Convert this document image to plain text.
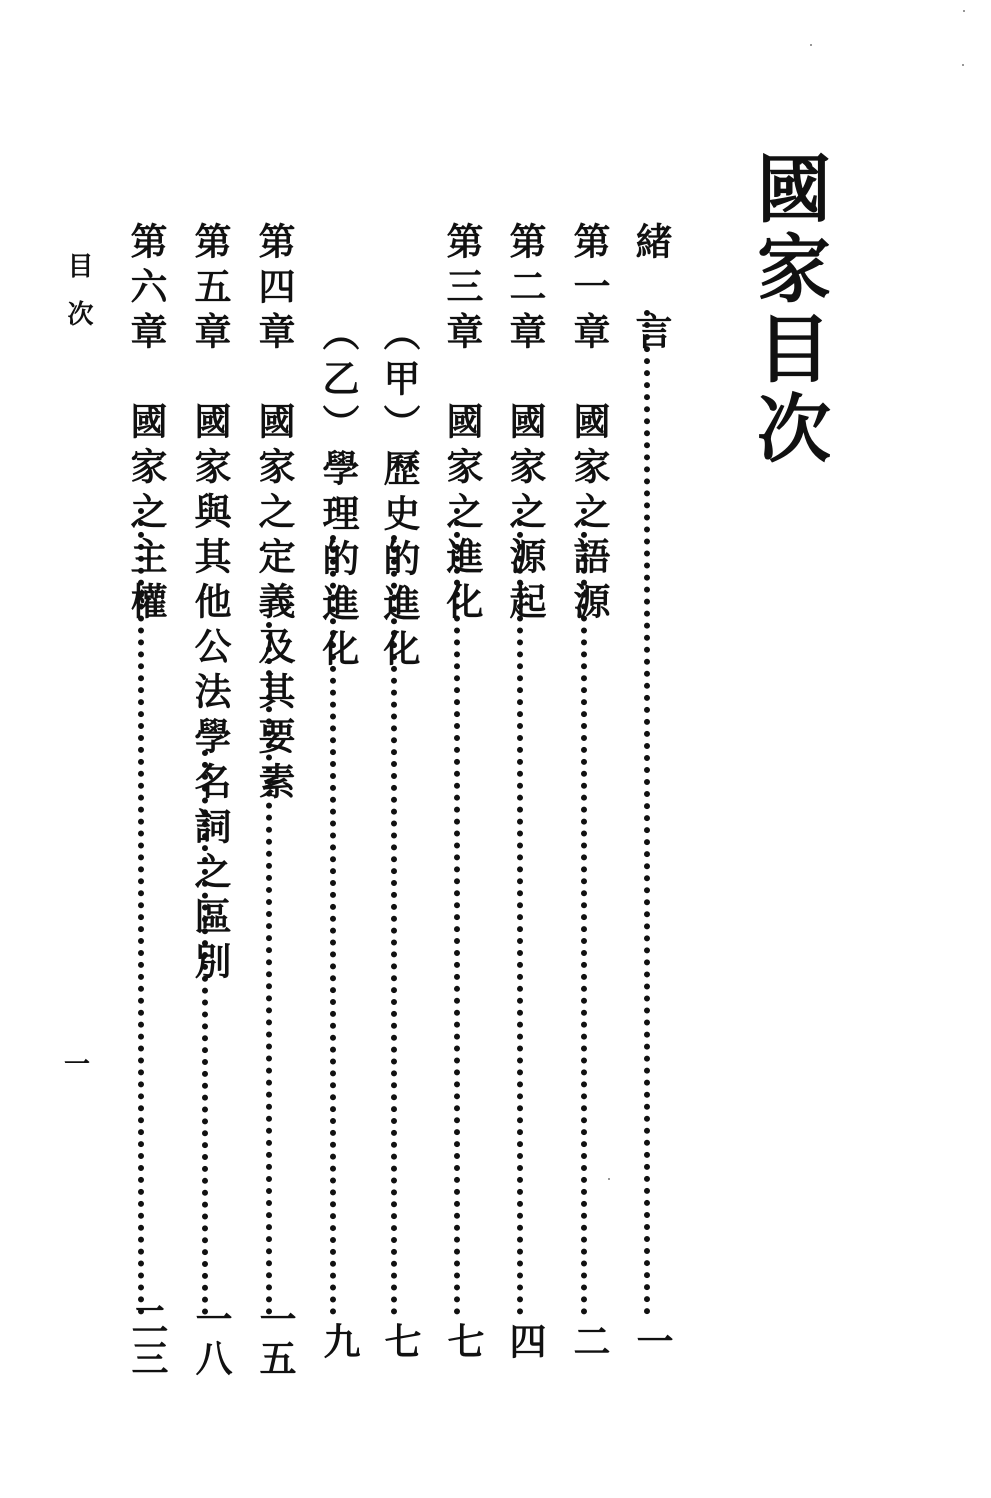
國家目次
緒　言
一
第一章　國家之語源
二
第二章　國家之源起
四
第三章　國家之進化
七
（甲）歷史的進化
七
（乙）學理的進化
九
第四章　國家之定義及其要素
一五
第五章　國家與其他公法學名詞之區別
一八
第六章　國家之主權
二三
目次
一
